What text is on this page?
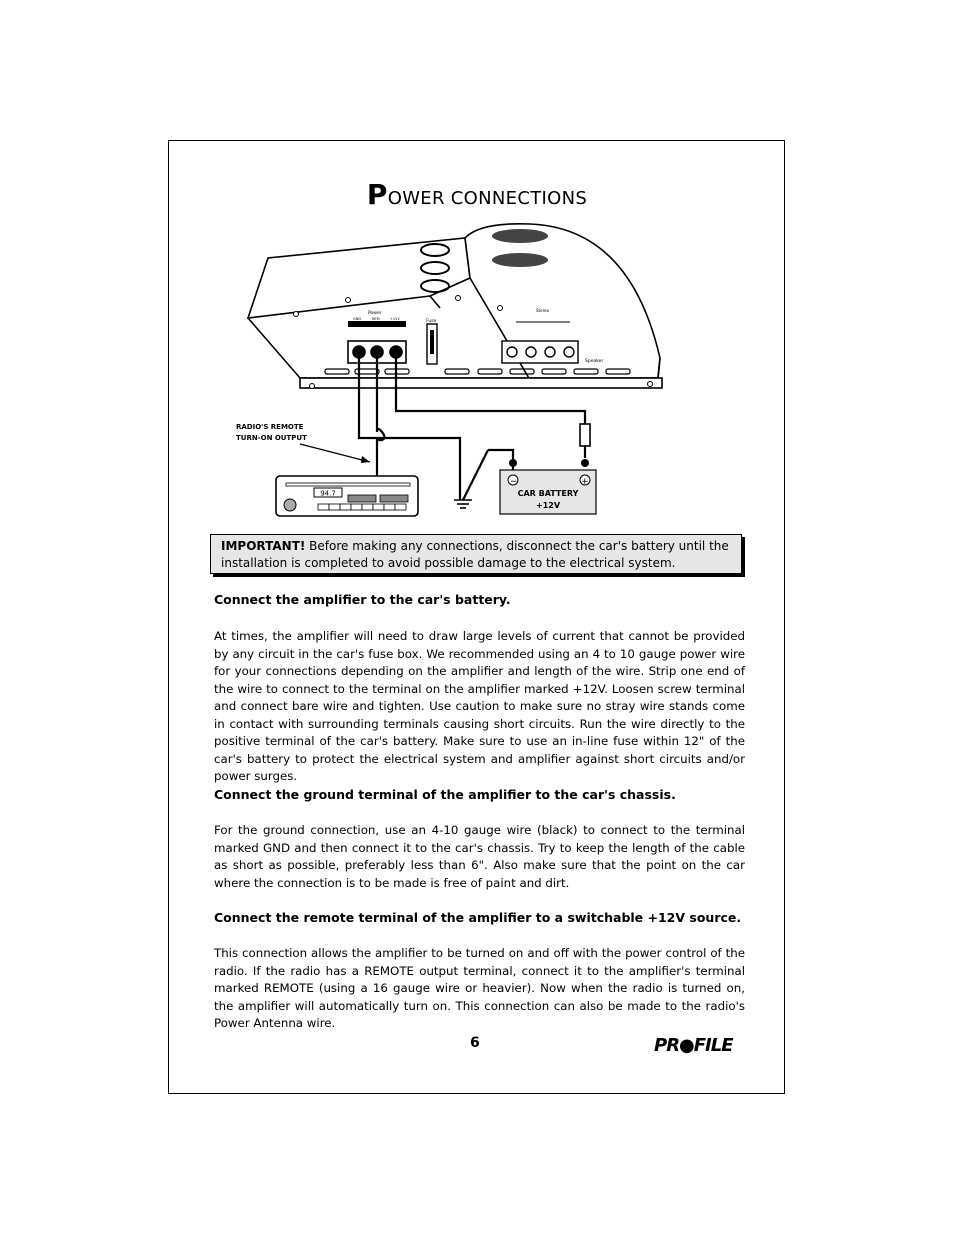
POWER CONNECTIONS
Power
GND	REM	+12V	Fuse
Speaker
Stereo
−	+
CAR BATTERY
+12V
RADIO'S REMOTE
TURN-ON OUTPUT
94.7
IMPORTANT! Before making any connections, disconnect the car's battery until the installation is completed to avoid possible damage to the electrical system.
Connect the amplifier to the car's battery.
At times, the amplifier will need to draw large levels of current that cannot be provided by any circuit in the car's fuse box. We recommended using an 4 to 10 gauge power wire for your connections depending on the amplifier and length of the wire. Strip one end of the wire to connect to the terminal on the amplifier marked +12V. Loosen screw terminal and connect bare wire and tighten. Use caution to make sure no stray wire stands come in contact with surrounding terminals causing short circuits. Run the wire directly to the positive terminal of the car's battery. Make sure to use an in-line fuse within 12" of the car's battery to protect the electrical system and amplifier against short circuits and/or power surges.
Connect the ground terminal of the amplifier to the car's chassis.
For the ground connection, use an 4-10 gauge wire (black) to connect to the terminal marked GND and then connect it to the car's chassis. Try to keep the length of the cable as short as possible, preferably less than 6". Also make sure that the point on the car where the connection is to be made is free of paint and dirt.
Connect the remote terminal of the amplifier to a switchable +12V source.
This connection allows the amplifier to be turned on and off with the power control of the radio. If the radio has a REMOTE output terminal, connect it to the amplifier's terminal marked REMOTE (using a 16 gauge wire or heavier). Now when the radio is turned on, the amplifier will automatically turn on. This connection can also be made to the radio's Power Antenna wire.
6	PR●FILE
